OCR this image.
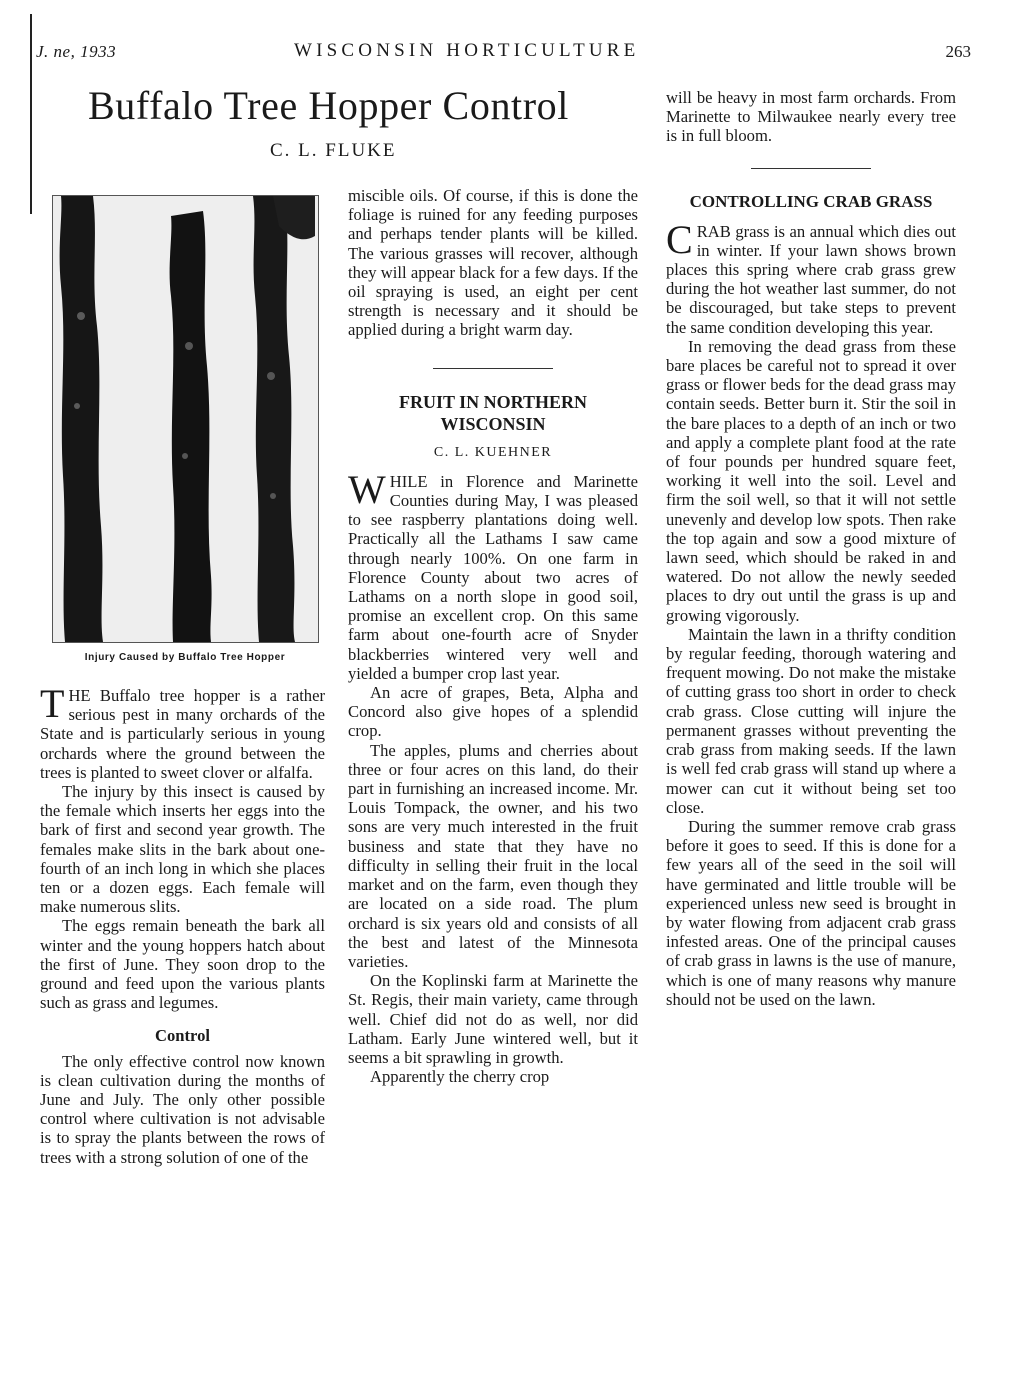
J. ne, 1933	WISCONSIN HORTICULTURE	263
Buffalo Tree Hopper Control
C. L. FLUKE
Injury Caused by Buffalo Tree Hopper

THE Buffalo tree hopper is a rather serious pest in many orchards of the State and is particularly serious in young orchards where the ground between the trees is planted to sweet clover or alfalfa.

The injury by this insect is caused by the female which inserts her eggs into the bark of first and second year growth. The females make slits in the bark about one-fourth of an inch long in which she places ten or a dozen eggs. Each female will make numerous slits.

The eggs remain beneath the bark all winter and the young hoppers hatch about the first of June. They soon drop to the ground and feed upon the various plants such as grass and legumes.

Control

The only effective control now known is clean cultivation during the months of June and July. The only other possible control where cultivation is not advisable is to spray the plants between the rows of trees with a strong solution of one of the

miscible oils. Of course, if this is done the foliage is ruined for any feeding purposes and perhaps tender plants will be killed. The various grasses will recover, although they will appear black for a few days. If the oil spraying is used, an eight per cent strength is necessary and it should be applied during a bright warm day.

FRUIT IN NORTHERN WISCONSIN

C. L. KUEHNER

WHILE in Florence and Marinette Counties during May, I was pleased to see raspberry plantations doing well. Practically all the Lathams I saw came through nearly 100%. On one farm in Florence County about two acres of Lathams on a north slope in good soil, promise an excellent crop. On this same farm about one-fourth acre of Snyder blackberries wintered very well and yielded a bumper crop last year.

An acre of grapes, Beta, Alpha and Concord also give hopes of a splendid crop.

The apples, plums and cherries about three or four acres on this land, do their part in furnishing an increased income. Mr. Louis Tompack, the owner, and his two sons are very much interested in the fruit business and state that they have no difficulty in selling their fruit in the local market and on the farm, even though they are located on a side road. The plum orchard is six years old and consists of all the best and latest of the Minnesota varieties.

On the Koplinski farm at Marinette the St. Regis, their main variety, came through well. Chief did not do as well, nor did Latham. Early June wintered well, but it seems a bit sprawling in growth.

Apparently the cherry crop

will be heavy in most farm orchards. From Marinette to Milwaukee nearly every tree is in full bloom.

CONTROLLING CRAB GRASS

CRAB grass is an annual which dies out in winter. If your lawn shows brown places this spring where crab grass grew during the hot weather last summer, do not be discouraged, but take steps to prevent the same condition developing this year.

In removing the dead grass from these bare places be careful not to spread it over grass or flower beds for the dead grass may contain seeds. Better burn it. Stir the soil in the bare places to a depth of an inch or two and apply a complete plant food at the rate of four pounds per hundred square feet, working it well into the soil. Level and firm the soil well, so that it will not settle unevenly and develop low spots. Then rake the top again and sow a good mixture of lawn seed, which should be raked in and watered. Do not allow the newly seeded places to dry out until the grass is up and growing vigorously.

Maintain the lawn in a thrifty condition by regular feeding, thorough watering and frequent mowing. Do not make the mistake of cutting grass too short in order to check crab grass. Close cutting will injure the permanent grasses without preventing the crab grass from making seeds. If the lawn is well fed crab grass will stand up where a mower can cut it without being set too close.

During the summer remove crab grass before it goes to seed. If this is done for a few years all of the seed in the soil will have germinated and little trouble will be experienced unless new seed is brought in by water flowing from adjacent crab grass infested areas. One of the principal causes of crab grass in lawns is the use of manure, which is one of many reasons why manure should not be used on the lawn.
